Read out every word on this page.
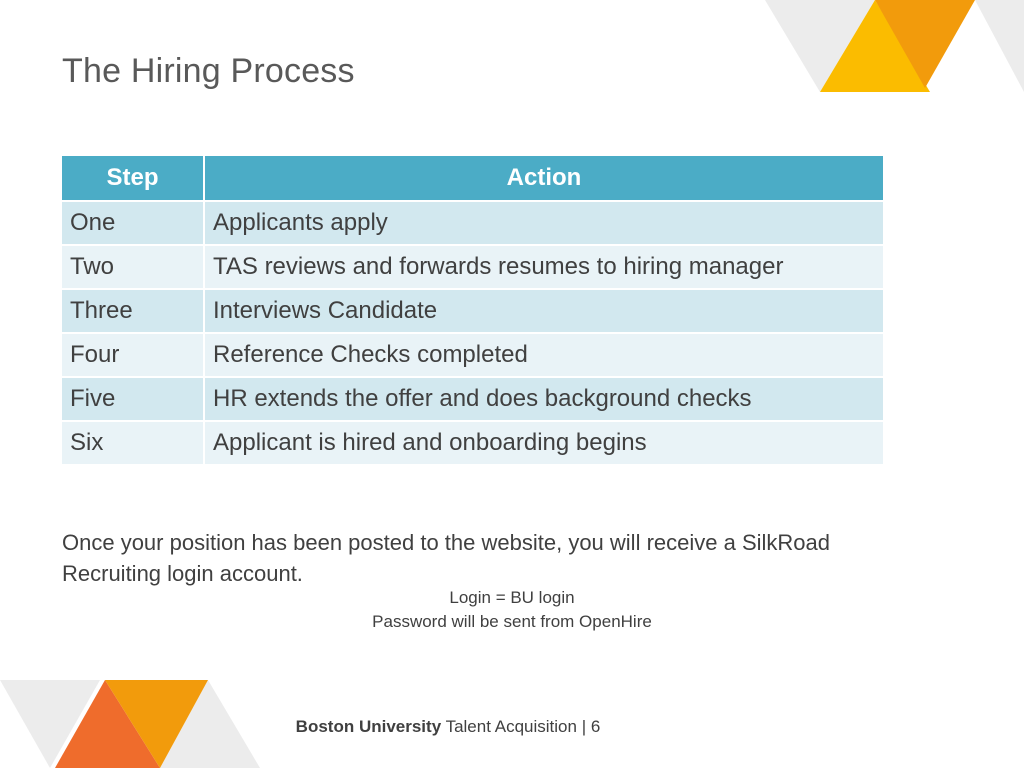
The Hiring Process
Step	Action
One	Applicants apply
Two	TAS reviews and forwards resumes to hiring manager
Three	Interviews Candidate
Four	Reference Checks completed
Five	HR extends the offer and does background checks
Six	Applicant is hired and onboarding begins
Once your position has been posted to the website, you will receive a SilkRoad Recruiting login account.
Login = BU login
Password will be sent from OpenHire
Boston University Talent Acquisition | 6
